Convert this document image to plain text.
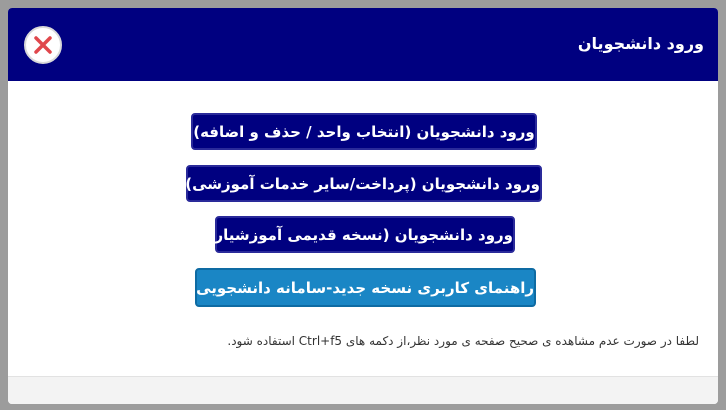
ورود دانشجویان
ورود دانشجویان (انتخاب واحد / حذف و اضافه)
ورود دانشجویان (پرداخت/سایر خدمات آموزشی)
ورود دانشجویان (نسخه قدیمی آموزشیار)
راهنمای کاربری نسخه جدید-سامانه دانشجویی
لطفا در صورت عدم مشاهده ی صحیح صفحه ی مورد نظر،از دکمه های Ctrl+f5 استفاده شود.
